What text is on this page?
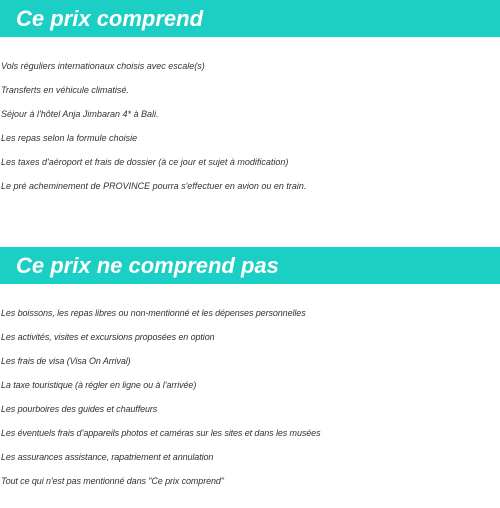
Ce prix comprend
Vols réguliers internationaux choisis avec escale(s)
Transferts en véhicule climatisé.
Séjour à l'hôtel Anja Jimbaran 4* à Bali.
Les repas selon la formule choisie
Les taxes d'aéroport et frais de dossier (à ce jour et sujet à modification)
Le pré acheminement de PROVINCE pourra s'effectuer en avion ou en train.
Ce prix ne comprend pas
Les boissons, les repas libres ou non-mentionné et les dépenses personnelles
Les activités, visites et excursions proposées en option
Les frais de visa (Visa On Arrival)
La taxe touristique (à régler en ligne ou à l’arrivée)
Les pourboires des guides et chauffeurs
Les éventuels frais d’appareils photos et caméras sur les sites et dans les musées
Les assurances assistance, rapatriement et annulation
Tout ce qui n'est pas mentionné dans "Ce prix comprend"
